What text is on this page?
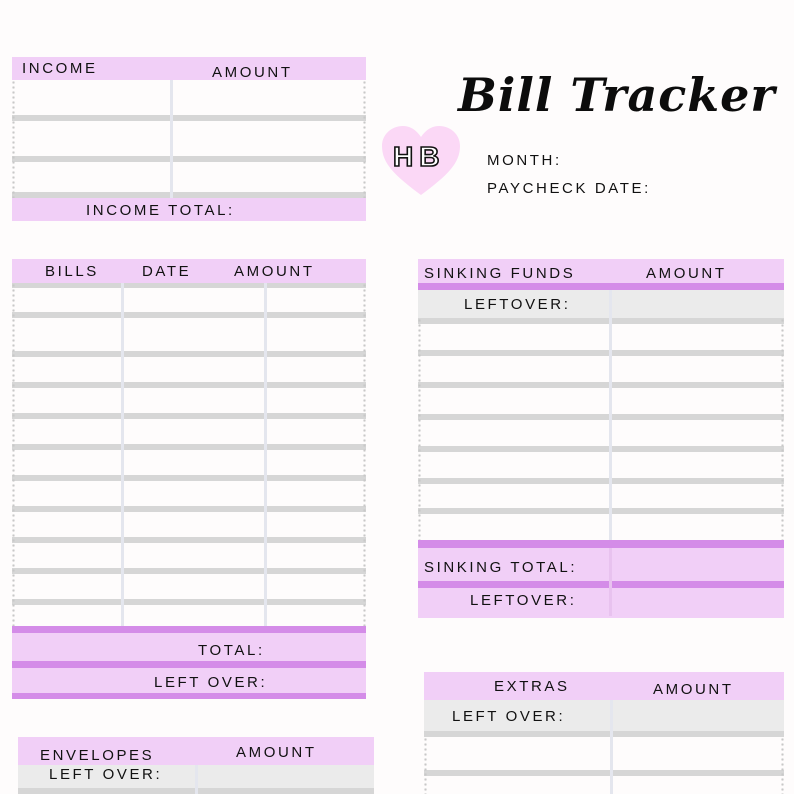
Bill Tracker
HB	MONTH:
PAYCHECK DATE:
INCOME	AMOUNT
INCOME TOTAL:
BILLS	DATE	AMOUNT
TOTAL:
LEFT OVER:
SINKING FUNDS	AMOUNT
LEFTOVER:
SINKING TOTAL:
LEFTOVER:
EXTRAS	AMOUNT
LEFT OVER:
ENVELOPES	AMOUNT
LEFT OVER:
